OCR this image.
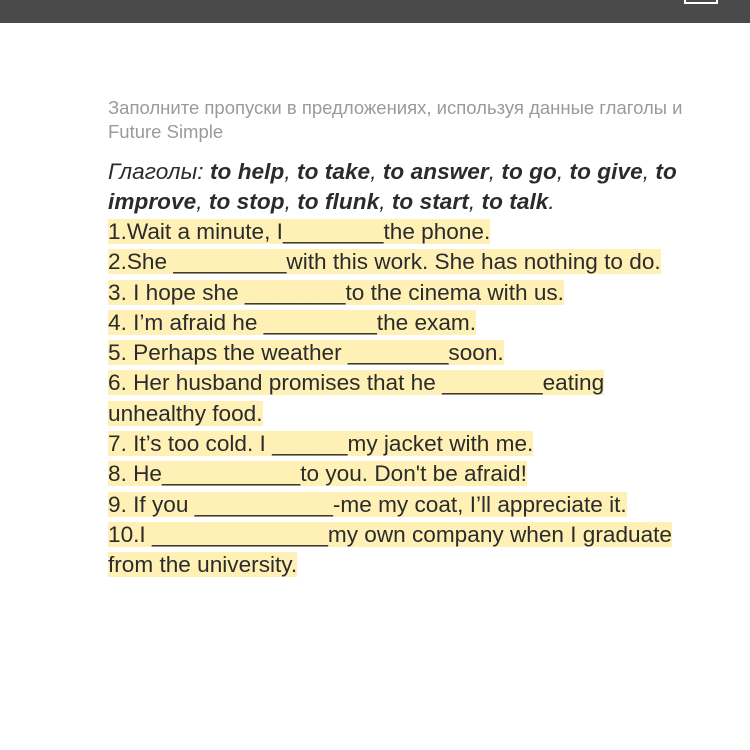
Заполните пропуски в предложениях, используя данные глаголы и Future Simple
Глаголы: to help, to take, to answer, to go, to give, to improve, to stop, to flunk, to start, to talk.
1.Wait a minute, I________the phone.
2.She _________with this work. She has nothing to do.
3. I hope she ________to the cinema with us.
4. I’m afraid he _________the exam.
5. Perhaps the weather ________soon.
6. Her husband promises that he ________eating unhealthy food.
7. It’s too cold. I ______my jacket with me.
8. He___________to you. Don't be afraid!
9. If you ___________-me my coat, I’ll appreciate it.
10.I ______________my own company when I graduate from the university.
